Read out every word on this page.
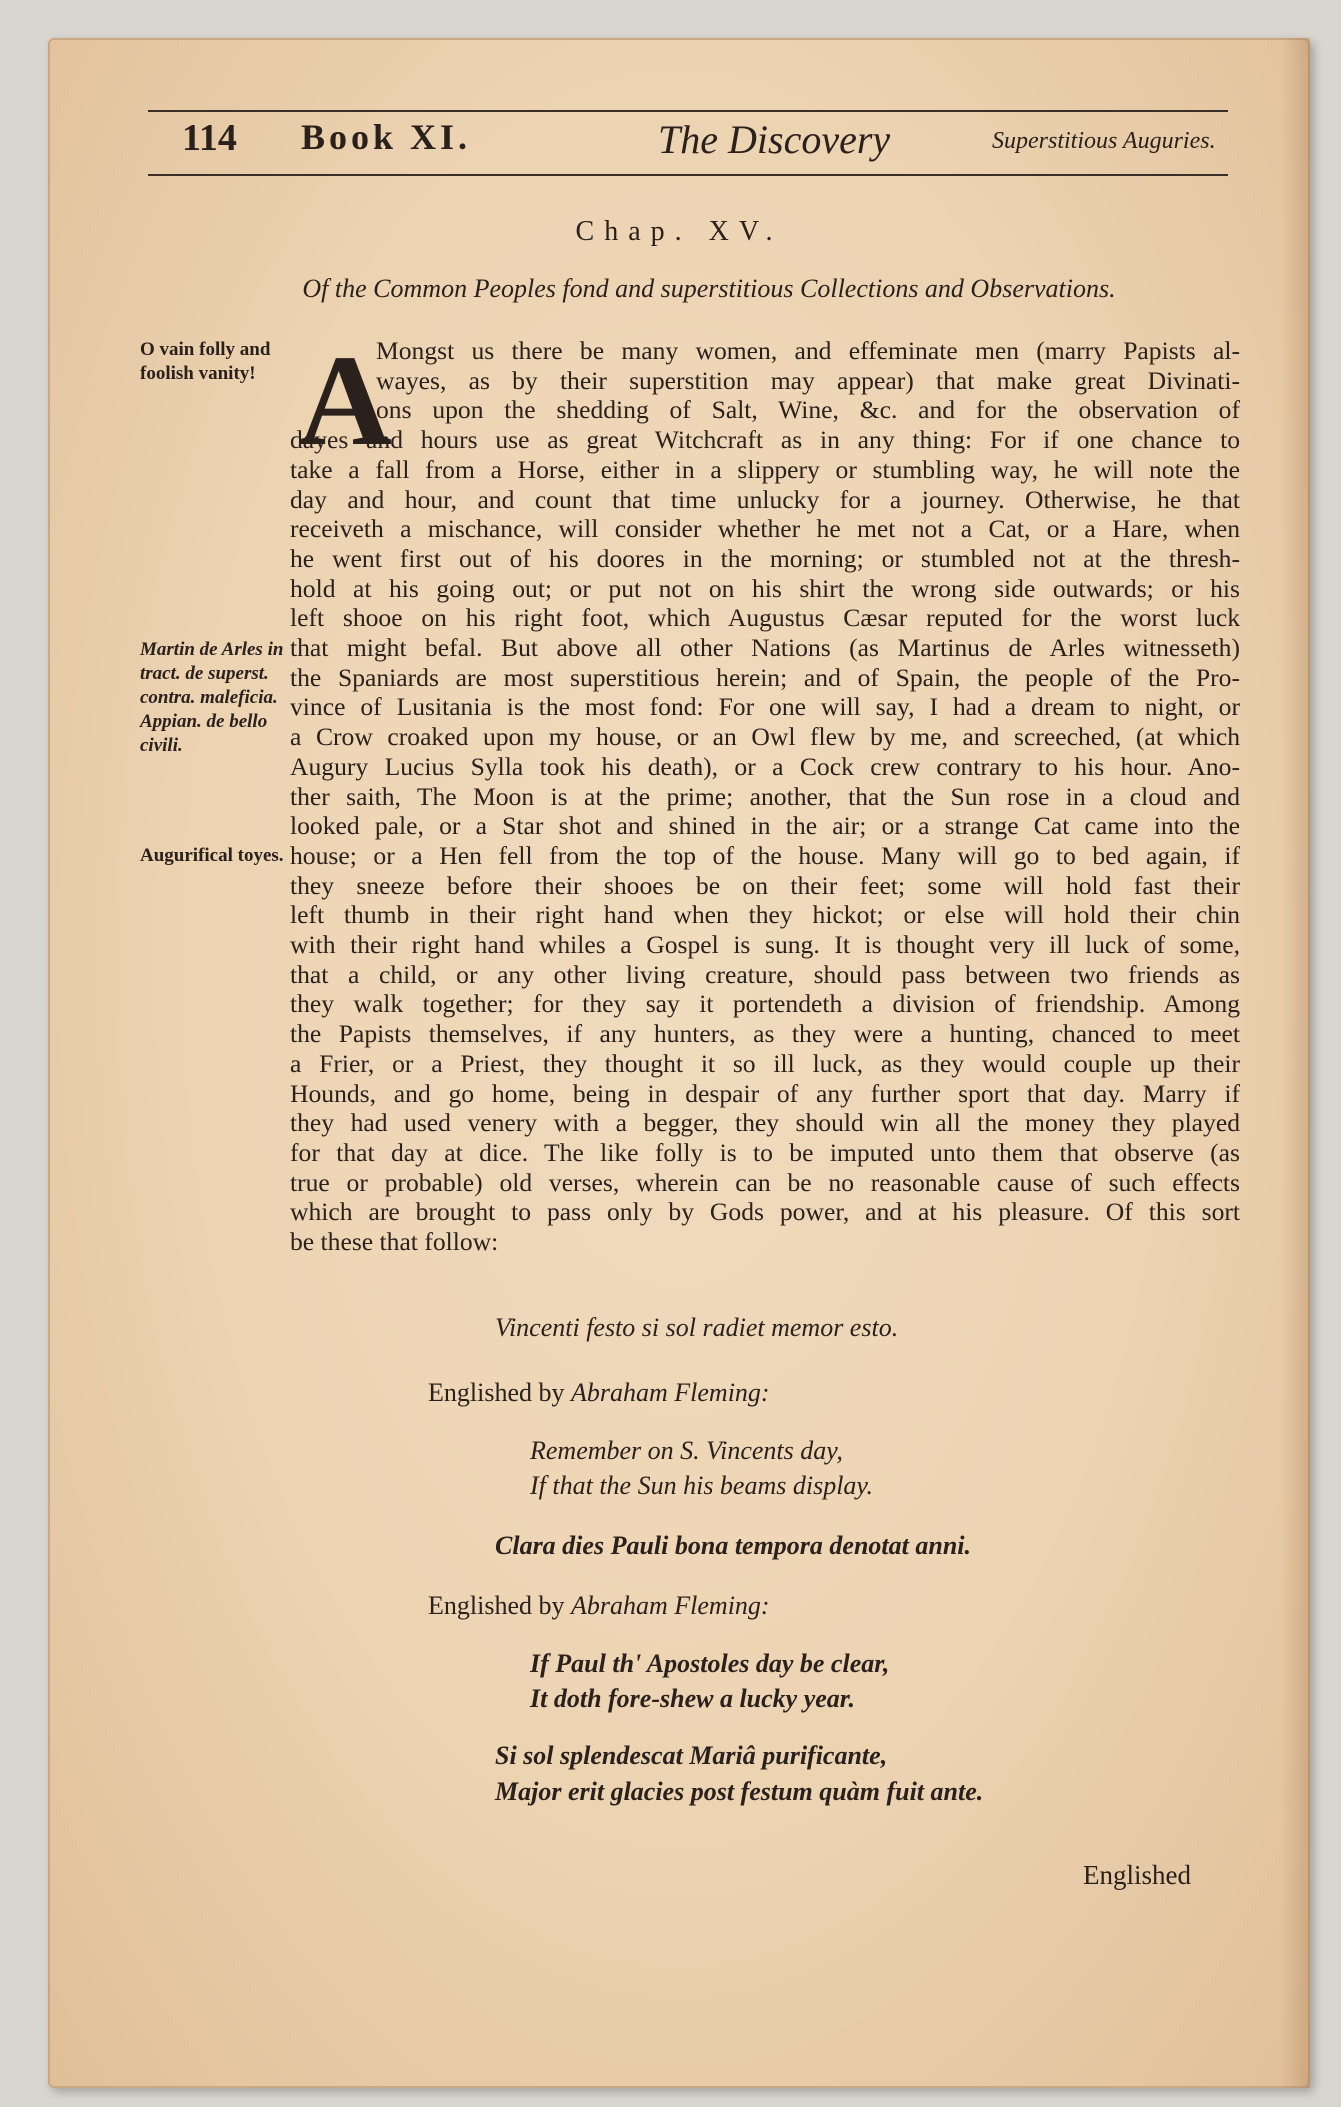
114 Book XI.	The Discovery	Superstitious Auguries.
Chap. XV.
Of the Common Peoples fond and superstitious Collections and Observations.
O vain folly and foolish vanity!
Martin de Arles in tract. de superst. contra. maleficia. Appian. de bello civili.
Augurifical toyes.
A
Mongst us there be many women, and effeminate men (marry Papists al-
wayes, as by their superstition may appear) that make great Divinati-
ons upon the shedding of Salt, Wine, &c. and for the observation of
dayes and hours use as great Witchcraft as in any thing: For if one chance to
take a fall from a Horse, either in a slippery or stumbling way, he will note the
day and hour, and count that time unlucky for a journey. Otherwise, he that
receiveth a mischance, will consider whether he met not a Cat, or a Hare, when
he went first out of his doores in the morning; or stumbled not at the thresh-
hold at his going out; or put not on his shirt the wrong side outwards; or his
left shooe on his right foot, which Augustus Cæsar reputed for the worst luck
that might befal. But above all other Nations (as Martinus de Arles witnesseth)
the Spaniards are most superstitious herein; and of Spain, the people of the Pro-
vince of Lusitania is the most fond: For one will say, I had a dream to night, or
a Crow croaked upon my house, or an Owl flew by me, and screeched, (at which
Augury Lucius Sylla took his death), or a Cock crew contrary to his hour. Ano-
ther saith, The Moon is at the prime; another, that the Sun rose in a cloud and
looked pale, or a Star shot and shined in the air; or a strange Cat came into the
house; or a Hen fell from the top of the house. Many will go to bed again, if
they sneeze before their shooes be on their feet; some will hold fast their
left thumb in their right hand when they hickot; or else will hold their chin
with their right hand whiles a Gospel is sung. It is thought very ill luck of some,
that a child, or any other living creature, should pass between two friends as
they walk together; for they say it portendeth a division of friendship. Among
the Papists themselves, if any hunters, as they were a hunting, chanced to meet
a Frier, or a Priest, they thought it so ill luck, as they would couple up their
Hounds, and go home, being in despair of any further sport that day. Marry if
they had used venery with a begger, they should win all the money they played
for that day at dice. The like folly is to be imputed unto them that observe (as
true or probable) old verses, wherein can be no reasonable cause of such effects
which are brought to pass only by Gods power, and at his pleasure. Of this sort
be these that follow:
Vincenti festo si sol radiet memor esto.
Englished by Abraham Fleming:
Remember on S. Vincents day,
If that the Sun his beams display.
Clara dies Pauli bona tempora denotat anni.
Englished by Abraham Fleming:
If Paul th' Apostoles day be clear,
It doth fore-shew a lucky year.
Si sol splendescat Mariâ purificante,
Major erit glacies post festum quàm fuit ante.
Englished
